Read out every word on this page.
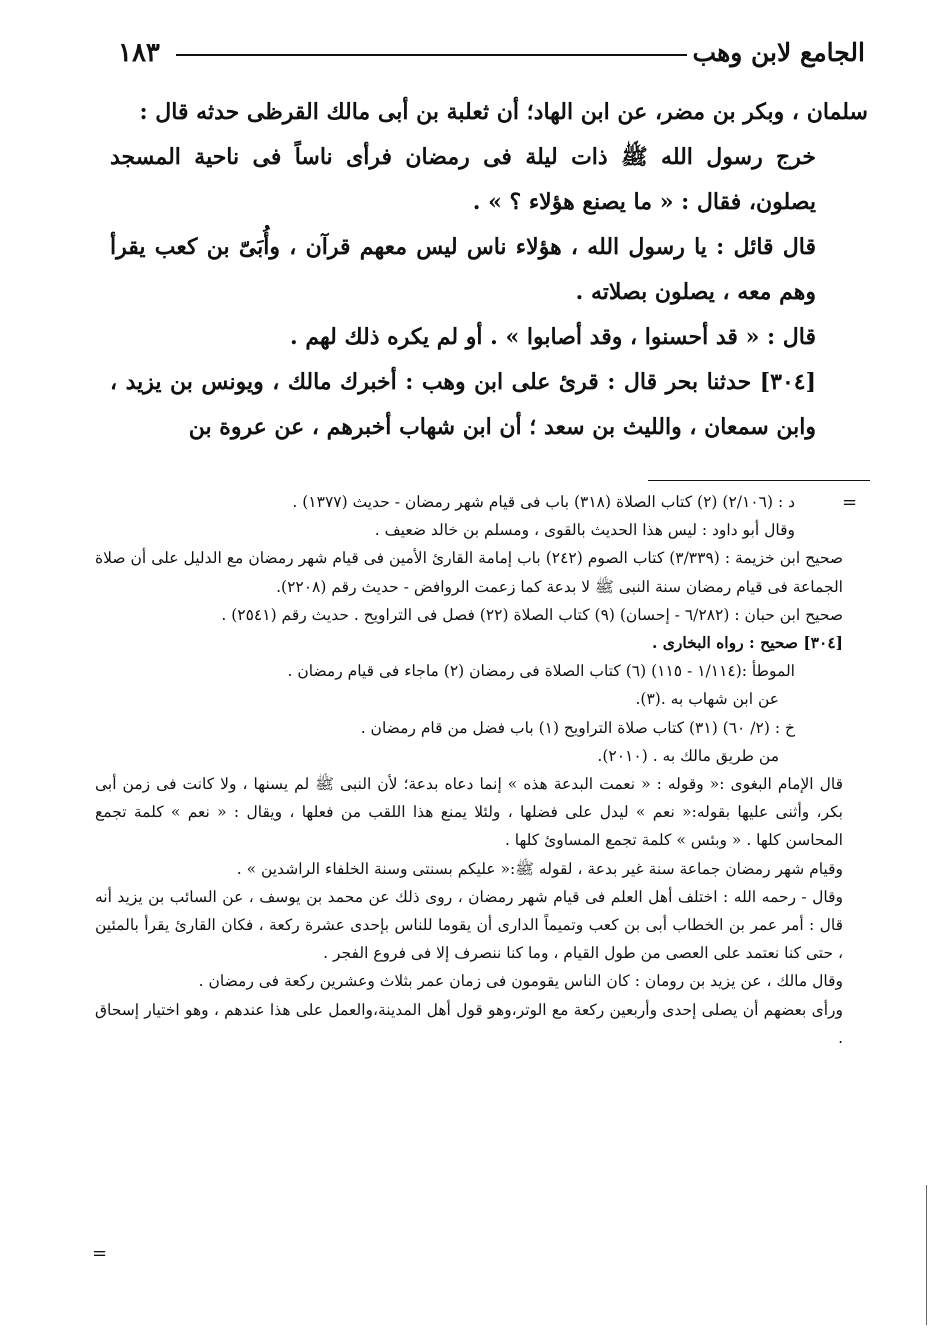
١٨٣	الجامع لابن وهب

سلمان ، وبكر بن مضر، عن ابن الهاد؛ أن ثعلبة بن أبى مالك القرظى حدثه قال :

خرج رسول الله ﷺ ذات ليلة فى رمضان فرأى ناساً فى ناحية المسجد يصلون، فقال : « ما يصنع هؤلاء ؟ » .

قال قائل : يا رسول الله ، هؤلاء ناس ليس معهم قرآن ، وأُبَىّ بن كعب يقرأ وهم معه ، يصلون بصلاته .

قال : « قد أحسنوا ، وقد أصابوا » . أو لم يكره ذلك لهم .

[٣٠٤] حدثنا بحر قال : قرئ على ابن وهب : أخبرك مالك ، ويونس بن يزيد ، وابن سمعان ، والليث بن سعد ؛ أن ابن شهاب أخبرهم ، عن عروة بن

=

د : (٢/١٠٦) (٢) كتاب الصلاة (٣١٨) باب فى قيام شهر رمضان - حديث (١٣٧٧) .

وقال أبو داود : ليس هذا الحديث بالقوى ، ومسلم بن خالد ضعيف .

صحيح ابن خزيمة : (٣/٣٣٩) كتاب الصوم (٢٤٢) باب إمامة القارئ الأمين فى قيام شهر رمضان مع الدليل على أن صلاة الجماعة فى قيام رمضان سنة النبى ﷺ لا بدعة كما زعمت الروافض - حديث رقم (٢٢٠٨).

صحيح ابن حبان : (٦/٢٨٢ - إحسان) (٩) كتاب الصلاة (٢٢) فصل فى التراويح . حديث رقم (٢٥٤١) .

[٣٠٤] صحيح : رواه البخارى .

الموطأ :(١/١١٤ - ١١٥) (٦) كتاب الصلاة فى رمضان (٢) ماجاء فى قيام رمضان .

عن ابن شهاب به .(٣).

خ : (٢/ ٦٠) (٣١) كتاب صلاة التراويح (١) باب فضل من قام رمضان .

من طريق مالك به . (٢٠١٠).

قال الإمام البغوى :« وقوله : « نعمت البدعة هذه » إنما دعاه بدعة؛ لأن النبى ﷺ لم يسنها ، ولا كانت فى زمن أبى بكر، وأثنى عليها بقوله:« نعم » ليدل على فضلها ، ولئلا يمنع هذا اللقب من فعلها ، ويقال : « نعم » كلمة تجمع المحاسن كلها . « وبئس » كلمة تجمع المساوئ كلها .

وقيام شهر رمضان جماعة سنة غير بدعة ، لقوله ﷺ:« عليكم بسنتى وسنة الخلفاء الراشدين » .

وقال - رحمه الله : اختلف أهل العلم فى قيام شهر رمضان ، روى ذلك عن محمد بن يوسف ، عن السائب بن يزيد أنه قال : أمر عمر بن الخطاب أبى بن كعب وتميماً الدارى أن يقوما للناس بإحدى عشرة ركعة ، فكان القارئ يقرأ بالمئين ، حتى كنا نعتمد على العصى من طول القيام ، وما كنا ننصرف إلا فى فروع الفجر .

وقال مالك ، عن يزيد بن رومان : كان الناس يقومون فى زمان عمر بثلاث وعشرين ركعة فى رمضان .

ورأى بعضهم أن يصلى إحدى وأربعين ركعة مع الوتر،وهو قول أهل المدينة،والعمل على هذا عندهم ، وهو اختيار إسحاق .

=
